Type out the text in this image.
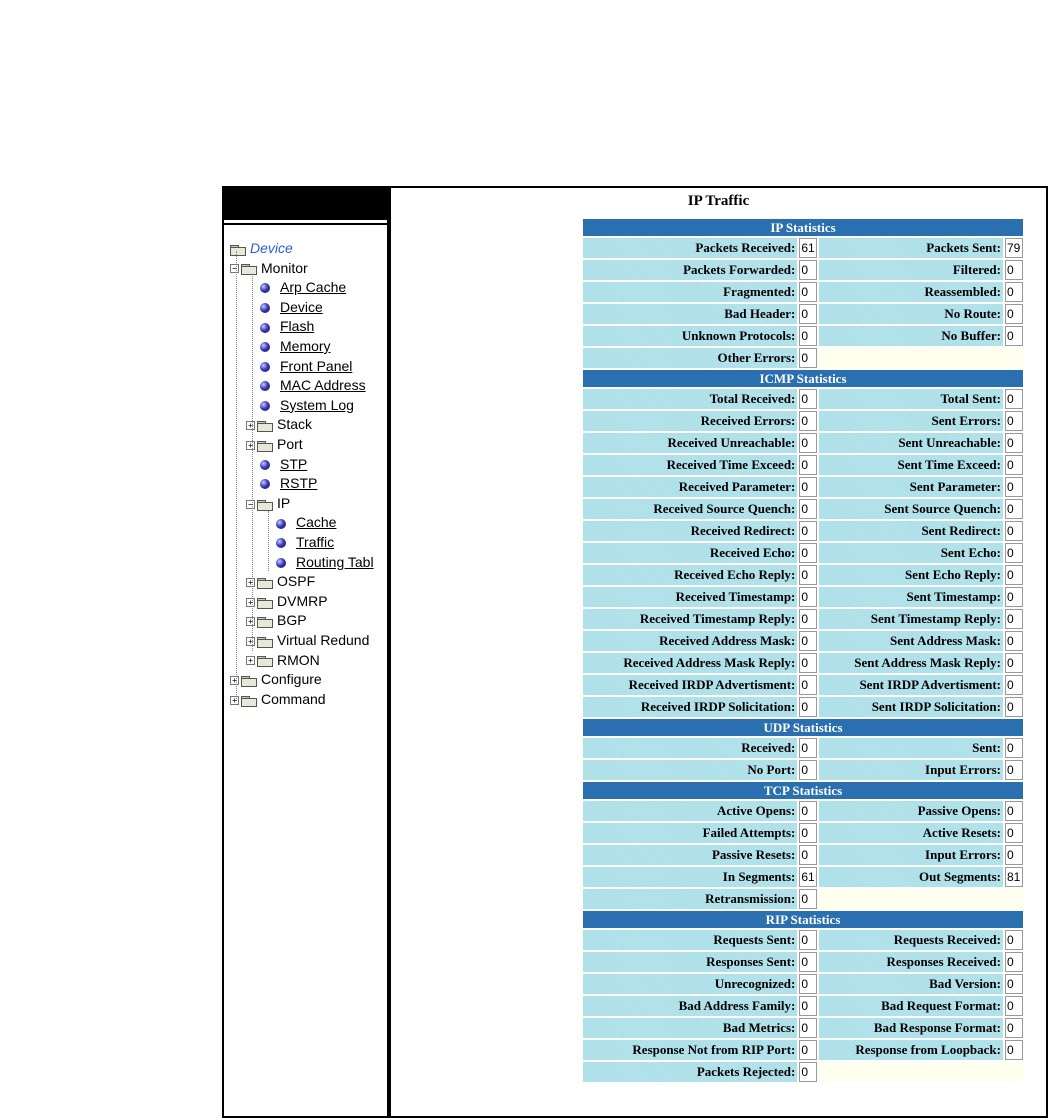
Device
− Monitor
Arp Cache
Device
Flash
Memory
Front Panel
MAC Address
System Log
+ Stack
+ Port
STP
RSTP
− IP
Cache
Traffic
Routing Tabl
+ OSPF
+ DVMRP
+ BGP
+ Virtual Redund
+ RMON
+ Configure
+ Command
IP Traffic
IP Statistics			
Packets Received:	61	Packets Sent:	79
Packets Forwarded:	0	Filtered:	0
Fragmented:	0	Reassembled:	0
Bad Header:	0	No Route:	0
Unknown Protocols:	0	No Buffer:	0
Other Errors:	0		
ICMP Statistics			
Total Received:	0	Total Sent:	0
Received Errors:	0	Sent Errors:	0
Received Unreachable:	0	Sent Unreachable:	0
Received Time Exceed:	0	Sent Time Exceed:	0
Received Parameter:	0	Sent Parameter:	0
Received Source Quench:	0	Sent Source Quench:	0
Received Redirect:	0	Sent Redirect:	0
Received Echo:	0	Sent Echo:	0
Received Echo Reply:	0	Sent Echo Reply:	0
Received Timestamp:	0	Sent Timestamp:	0
Received Timestamp Reply:	0	Sent Timestamp Reply:	0
Received Address Mask:	0	Sent Address Mask:	0
Received Address Mask Reply:	0	Sent Address Mask Reply:	0
Received IRDP Advertisment:	0	Sent IRDP Advertisment:	0
Received IRDP Solicitation:	0	Sent IRDP Solicitation:	0
UDP Statistics			
Received:	0	Sent:	0
No Port:	0	Input Errors:	0
TCP Statistics			
Active Opens:	0	Passive Opens:	0
Failed Attempts:	0	Active Resets:	0
Passive Resets:	0	Input Errors:	0
In Segments:	61	Out Segments:	81
Retransmission:	0		
RIP Statistics			
Requests Sent:	0	Requests Received:	0
Responses Sent:	0	Responses Received:	0
Unrecognized:	0	Bad Version:	0
Bad Address Family:	0	Bad Request Format:	0
Bad Metrics:	0	Bad Response Format:	0
Response Not from RIP Port:	0	Response from Loopback:	0
Packets Rejected:	0		
